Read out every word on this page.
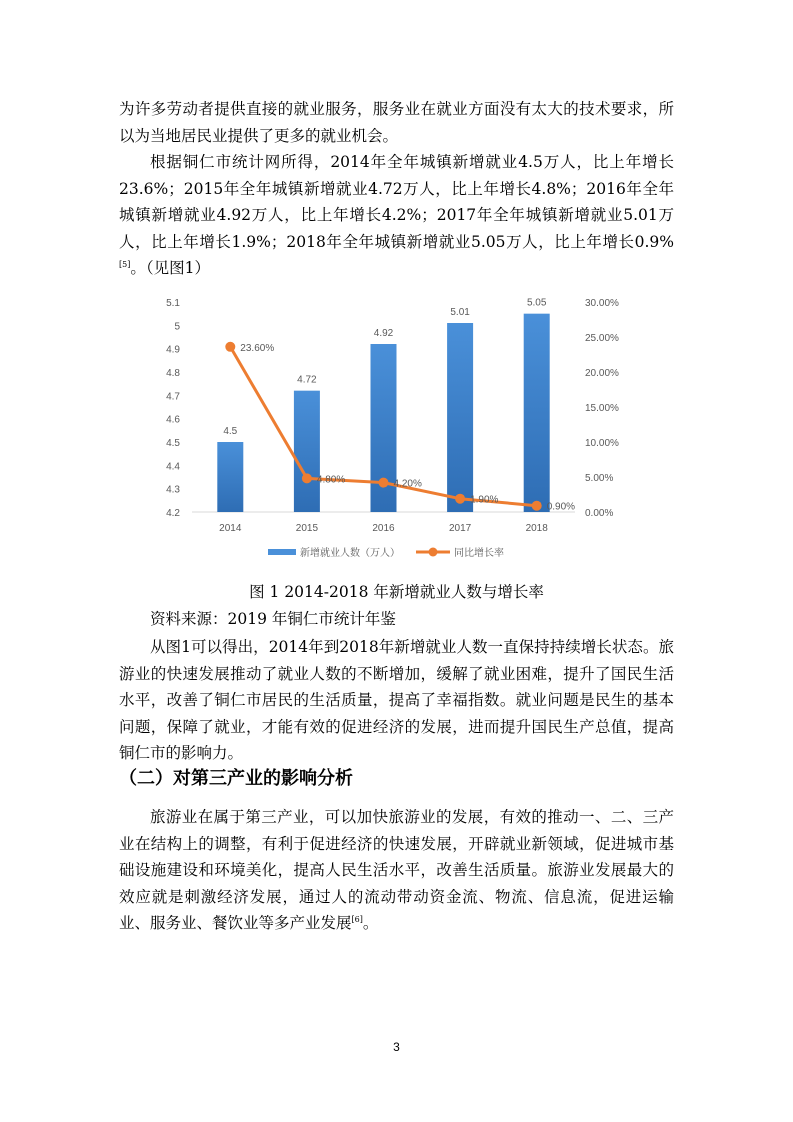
为许多劳动者提供直接的就业服务，服务业在就业方面没有太大的技术要求，所以为当地居民业提供了更多的就业机会。

根据铜仁市统计网所得，2014年全年城镇新增就业4.5万人，比上年增长23.6%；2015年全年城镇新增就业4.72万人，比上年增长4.8%；2016年全年城镇新增就业4.92万人，比上年增长4.2%；2017年全年城镇新增就业5.01万人，比上年增长1.9%；2018年全年城镇新增就业5.05万人，比上年增长0.9%[5]。（见图1）

4.2
4.3
4.4
4.5
4.6
4.7
4.8
4.9
5
5.1
0.00%
5.00%
10.00%
15.00%
20.00%
25.00%
30.00%
4.5
2014
4.72
2015
4.92
2016
5.01
2017
5.05
2018
23.60%
4.80%	4.20%
1.90%
0.90%
新增就业人数（万人）	同比增长率

图 1 2014-2018 年新增就业人数与增长率

资料来源：2019 年铜仁市统计年鉴

从图1可以得出，2014年到2018年新增就业人数一直保持持续增长状态。旅游业的快速发展推动了就业人数的不断增加，缓解了就业困难，提升了国民生活水平，改善了铜仁市居民的生活质量，提高了幸福指数。就业问题是民生的基本问题，保障了就业，才能有效的促进经济的发展，进而提升国民生产总值，提高铜仁市的影响力。

（二）对第三产业的影响分析

旅游业在属于第三产业，可以加快旅游业的发展，有效的推动一、二、三产业在结构上的调整，有利于促进经济的快速发展，开辟就业新领域，促进城市基础设施建设和环境美化，提高人民生活水平，改善生活质量。旅游业发展最大的效应就是刺激经济发展，通过人的流动带动资金流、物流、信息流，促进运输业、服务业、餐饮业等多产业发展[6]。

3
